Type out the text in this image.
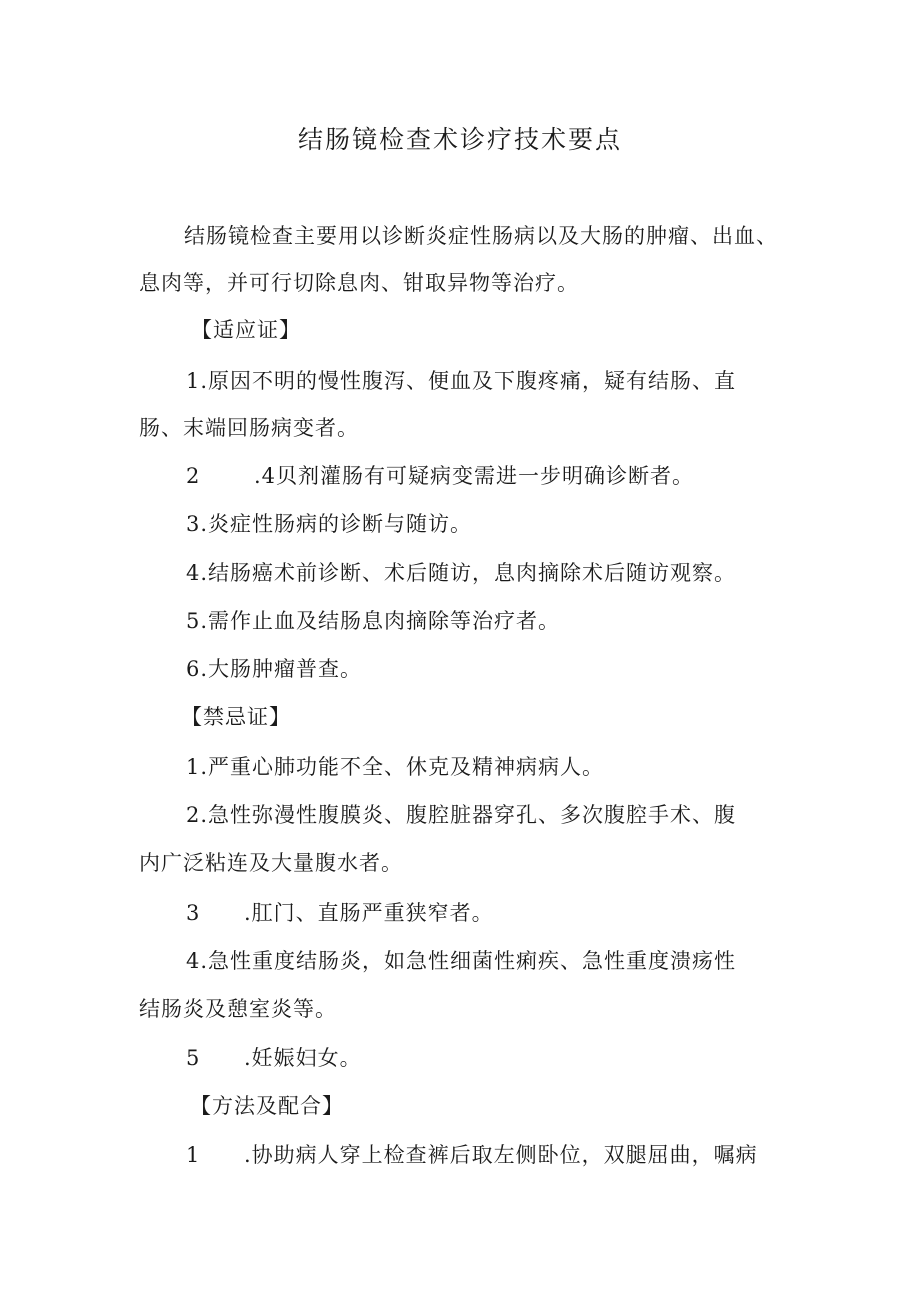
结肠镜检查术诊疗技术要点
结肠镜检查主要用以诊断炎症性肠病以及大肠的肿瘤、出血、
息肉等，并可行切除息肉、钳取异物等治疗。
【适应证】
1.原因不明的慢性腹泻、便血及下腹疼痛，疑有结肠、直
肠、末端回肠病变者。
2	.4贝剂灌肠有可疑病变需进一步明确诊断者。
3.炎症性肠病的诊断与随访。
4.结肠癌术前诊断、术后随访，息肉摘除术后随访观察。
5.需作止血及结肠息肉摘除等治疗者。
6.大肠肿瘤普查。
【禁忌证】
1.严重心肺功能不全、休克及精神病病人。
2.急性弥漫性腹膜炎、腹腔脏器穿孔、多次腹腔手术、腹
内广泛粘连及大量腹水者。
3 .肛门、直肠严重狭窄者。
4.急性重度结肠炎，如急性细菌性痢疾、急性重度溃疡性
结肠炎及憩室炎等。
5 .妊娠妇女。
【方法及配合】
1 .协助病人穿上检查裤后取左侧卧位，双腿屈曲，嘱病
